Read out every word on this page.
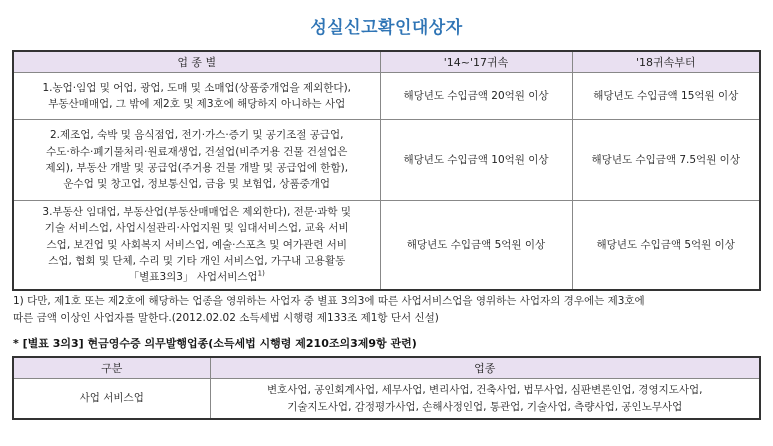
성실신고확인대상자
업 종 별	'14~'17귀속	'18귀속부터

1.농업·임업 및 어업, 광업, 도매 및 소매업(상품중개업을 제외한다),
부동산매매업, 그 밖에 제2호 및 제3호에 해당하지 아니하는 사업	해당년도 수입금액 20억원 이상	해당년도 수입금액 15억원 이상

2.제조업, 숙박 및 음식점업, 전기·가스·증기 및 공기조절 공급업,
수도·하수·폐기물처리·원료재생업, 건설업(비주거용 건물 건설업은
제외), 부동산 개발 및 공급업(주거용 건물 개발 및 공급업에 한함),
운수업 및 창고업, 정보통신업, 금융 및 보험업, 상품중개업	해당년도 수입금액 10억원 이상	해당년도 수입금액 7.5억원 이상

3.부동산 임대업, 부동산업(부동산매매업은 제외한다), 전문·과학 및
기술 서비스업, 사업시설관리·사업지원 및 임대서비스업, 교육 서비
스업, 보건업 및 사회복지 서비스업, 예술·스포츠 및 여가관련 서비
스업, 협회 및 단체, 수리 및 기타 개인 서비스업, 가구내 고용활동
「별표3의3」 사업서비스업$^{1)}$	해당년도 수입금액 5억원 이상	해당년도 수입금액 5억원 이상
1) 다만, 제1호 또는 제2호에 해당하는 업종을 영위하는 사업자 중 별표 3의3에 따른 사업서비스업을 영위하는 사업자의 경우에는 제3호에
따른 금액 이상인 사업자를 말한다.(2012.02.02 소득세법 시행령 제133조 제1항 단서 신설)
* [별표 3의3] 현금영수증 의무발행업종(소득세법 시행령 제210조의3제9항 관련)
구분	업종
사업 서비스업	변호사업, 공인회계사업, 세무사업, 변리사업, 건축사업, 법무사업, 심판변론인업, 경영지도사업,
기술지도사업, 감정평가사업, 손해사정인업, 통관업, 기술사업, 측량사업, 공인노무사업
